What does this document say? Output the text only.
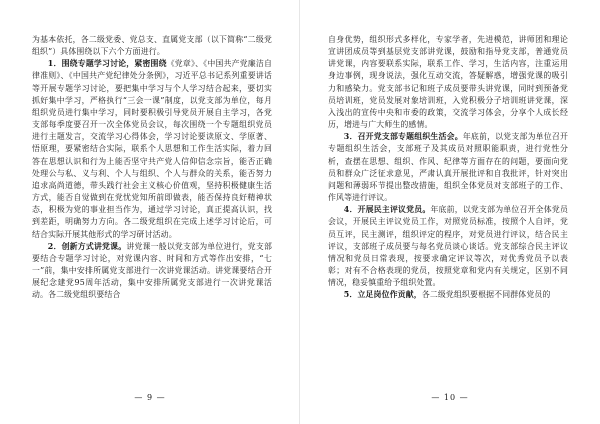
为基本依托，各二级党委、党总支、直属党支部（以下简称“二级党组织”）具体围绕以下六个方面进行。

1．围绕专题学习讨论，紧密围绕《党章》、《中国共产党廉洁自律准则》、《中国共产党纪律处分条例》，习近平总书记系列重要讲话等开展专题学习讨论，要把集中学习与个人学习结合起来，要切实抓好集中学习，严格执行“三会一课”制度，以党支部为单位，每月组织党员进行集中学习，同时要积极引导党员开展自主学习，各党支部每季度要召开一次全体党员会议，每次围绕一个专题组织党员进行主题发言，交流学习心得体会，学习讨论要读原文、学原著、悟原理，要紧密结合实际，联系个人思想和工作生活实际，着力回答在思想认识和行为上能否坚守共产党人信仰信念宗旨，能否正确处理公与私、义与利、个人与组织、个人与群众的关系，能否努力追求高尚道德，带头践行社会主义核心价值观，坚持积极健康生活方式，能否自觉做到在党忧党知所前即做表，能否保持良好精神状态，积极为党的事业担当作为，通过学习讨论，真正提高认识，找到差距，明确努力方向。各二级党组织在完成上述学习讨论后，可结合实际开展其他形式的学习研讨活动。

2．创新方式讲党课。讲党课一般以党支部为单位进行，党支部要结合专题学习讨论，对党课内容、时间和方式等作出安排，“七一”前，集中安排所属党支部进行一次讲党课活动。讲党课要结合开展纪念建党95周年活动，集中安排所属党支部进行一次讲党课活动。各二级党组织要结合

— 9 —

自身优势，组织形式多样化，专家学者，先进模范，讲师团和理论宣讲团成员等到基层党支部讲党课，鼓励和指导党支部，普通党员讲党课，内容要联系实际，联系工作、学习，生活内容，注重运用身边事例，现身说法，强化互动交流，答疑解惑，增强党课的吸引力和感染力。党支部书记和班子成员要带头讲党课，同时到预备党员培训班，党员发展对象培训班，入党积极分子培训班讲党课，深入浅出的宣传中央和市委的政策，交流学习体会，分享个人成长经历，增进与广大师生的感情。

3．召开党支部专题组织生活会。年底前，以党支部为单位召开专题组织生活会，支部班子及其成员对照职能职责，进行党性分析，查摆在思想、组织、作风、纪律等方面存在的问题，要面向党员和群众广泛征求意见，严肃认真开展批评和自我批评，针对突出问题和薄弱环节提出整改措施，组织全体党员对支部班子的工作、作风等进行评议。

4．开展民主评议党员。年底前，以党支部为单位召开全体党员会议，开展民主评议党员工作，对照党员标准，按照个人自评，党员互评，民主测评，组织评定的程序，对党员进行评议，结合民主评议，支部班子成员要与每名党员谈心谈话。党支部综合民主评议情况和党员日常表现，按要求确定评议等次，对优秀党员予以表彰；对有不合格表现的党员，按照党章和党内有关规定，区别不同情况，稳妥慎重给予组织处置。

5．立足岗位作贡献，各二级党组织要根据不同群体党员的

— 10 —
